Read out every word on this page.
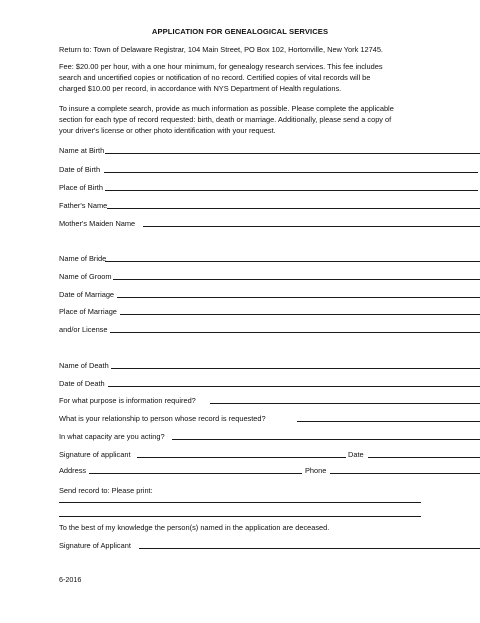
APPLICATION FOR GENEALOGICAL SERVICES
Return to: Town of Delaware Registrar, 104 Main Street, PO Box 102, Hortonville, New York 12745.
Fee: $20.00 per hour, with a one hour minimum, for genealogy research services. This fee includes
search and uncertified copies or notification of no record. Certified copies of vital records will be
charged $10.00 per record, in accordance with NYS Department of Health regulations.
To insure a complete search, provide as much information as possible. Please complete the applicable
section for each type of record requested: birth, death or marriage. Additionally, please send a copy of
your driver's license or other photo identification with your request.
Name at Birth
Date of Birth
Place of Birth
Father's Name
Mother's Maiden Name
Name of Bride
Name of Groom
Date of Marriage
Place of Marriage
and/or License
Name of Death
Date of Death
For what purpose is information required?
What is your relationship to person whose record is requested?
In what capacity are you acting?
Signature of applicant	Date
Address	Phone
Send record to: Please print:
To the best of my knowledge the person(s) named in the application are deceased.
Signature of Applicant
6-2016
